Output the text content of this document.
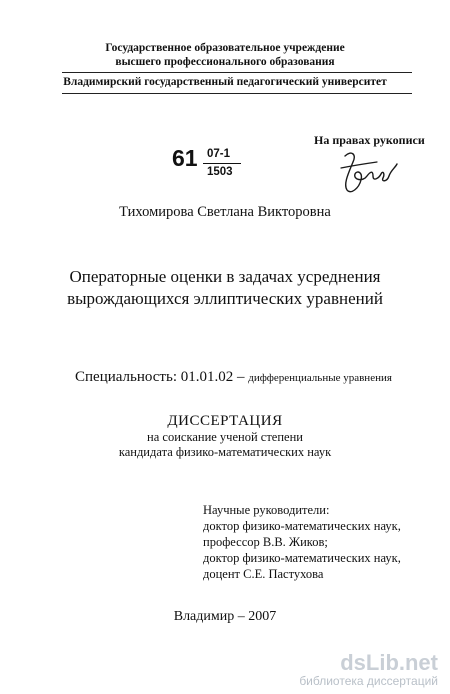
Государственное образовательное учреждение
высшего профессионального образования
Владимирский государственный педагогический университет
На правах рукописи
61 07-1
1503
Тихомирова Светлана Викторовна
Операторные оценки в задачах усреднения
вырождающихся эллиптических уравнений
Специальность: 01.01.02 – дифференциальные уравнения
ДИССЕРТАЦИЯ
на соискание ученой степени
кандидата физико-математических наук
Научные руководители:
доктор физико-математических наук,
профессор В.В. Жиков;
доктор физико-математических наук,
доцент С.Е. Пастухова
Владимир – 2007
dsLib.net
библиотека диссертаций
